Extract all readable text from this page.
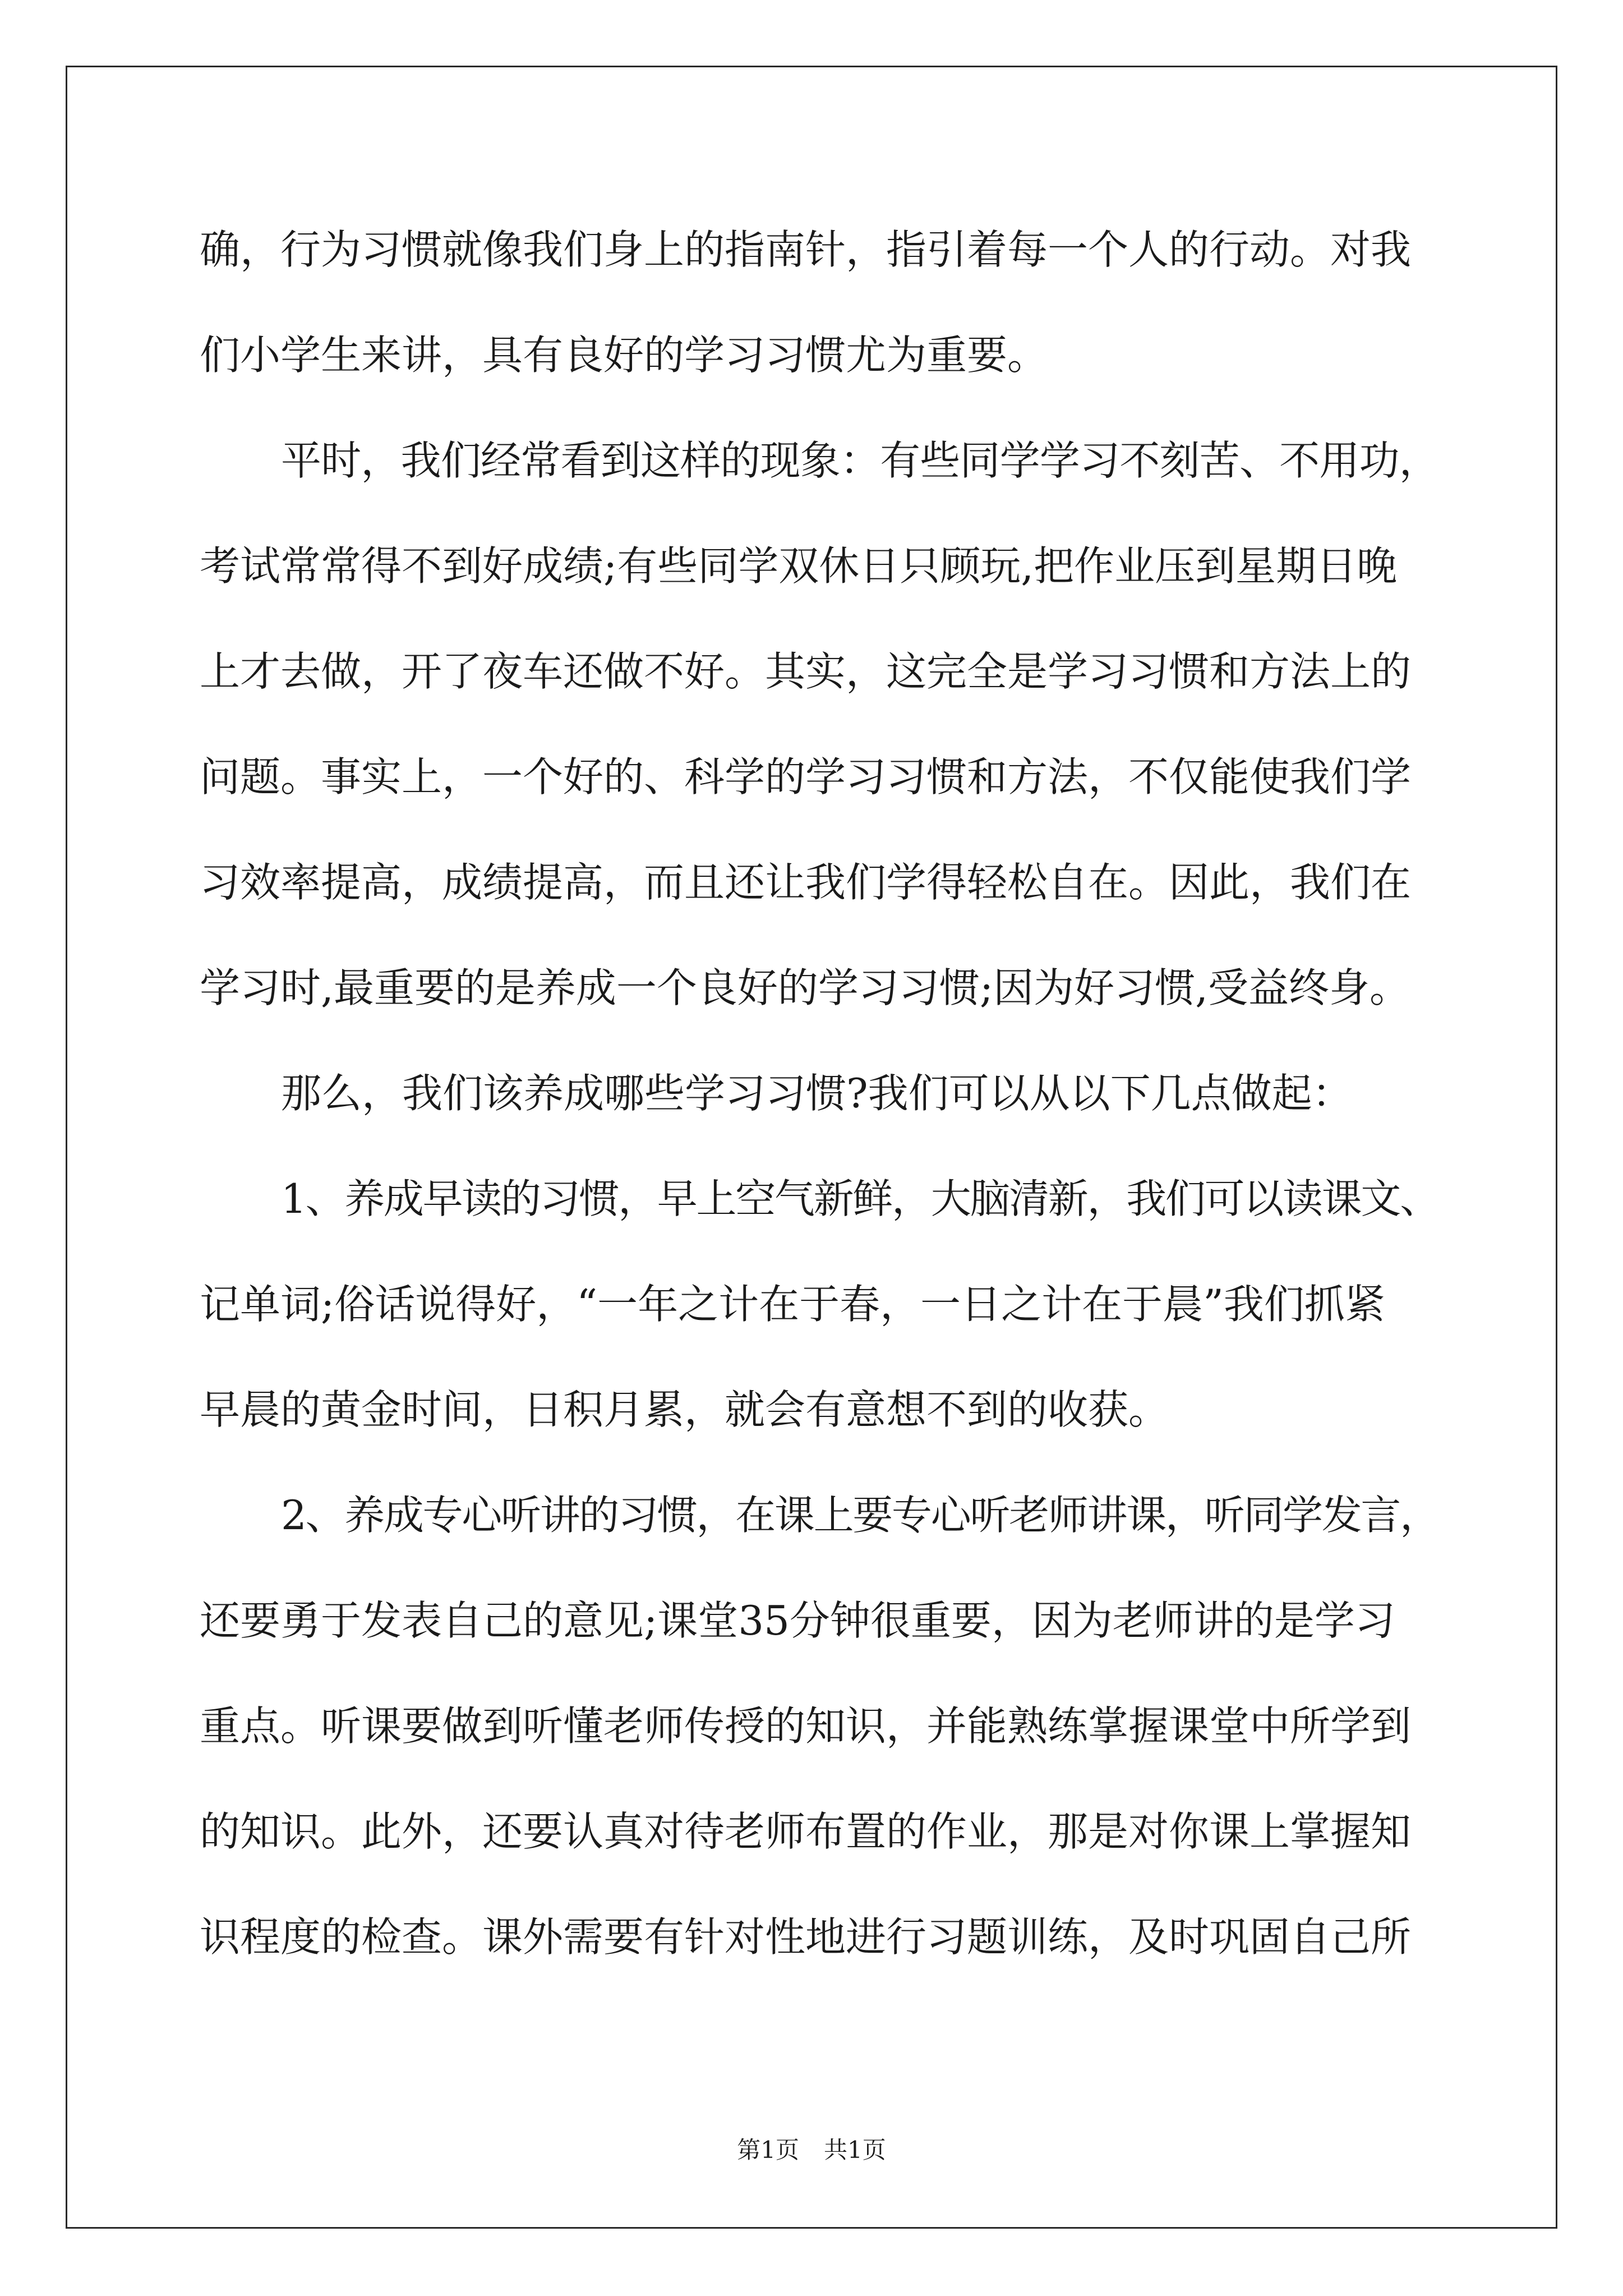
确，行为习惯就像我们身上的指南针，指引着每一个人的行动。对我
们小学生来讲，具有良好的学习习惯尤为重要。
平时，我们经常看到这样的现象：有些同学学习不刻苦、不用功，
考试常常得不到好成绩;有些同学双休日只顾玩,把作业压到星期日晚
上才去做，开了夜车还做不好。其实，这完全是学习习惯和方法上的
问题。事实上，一个好的、科学的学习习惯和方法，不仅能使我们学
习效率提高，成绩提高，而且还让我们学得轻松自在。因此，我们在
学习时,最重要的是养成一个良好的学习习惯;因为好习惯,受益终身。
那么，我们该养成哪些学习习惯?我们可以从以下几点做起：
1、养成早读的习惯，早上空气新鲜，大脑清新，我们可以读课文、
记单词;俗话说得好，“一年之计在于春，一日之计在于晨”我们抓紧
早晨的黄金时间，日积月累，就会有意想不到的收获。
2、养成专心听讲的习惯，在课上要专心听老师讲课，听同学发言，
还要勇于发表自己的意见;课堂35分钟很重要，因为老师讲的是学习
重点。听课要做到听懂老师传授的知识，并能熟练掌握课堂中所学到
的知识。此外，还要认真对待老师布置的作业，那是对你课上掌握知
识程度的检查。课外需要有针对性地进行习题训练，及时巩固自己所
第1页 共1页
